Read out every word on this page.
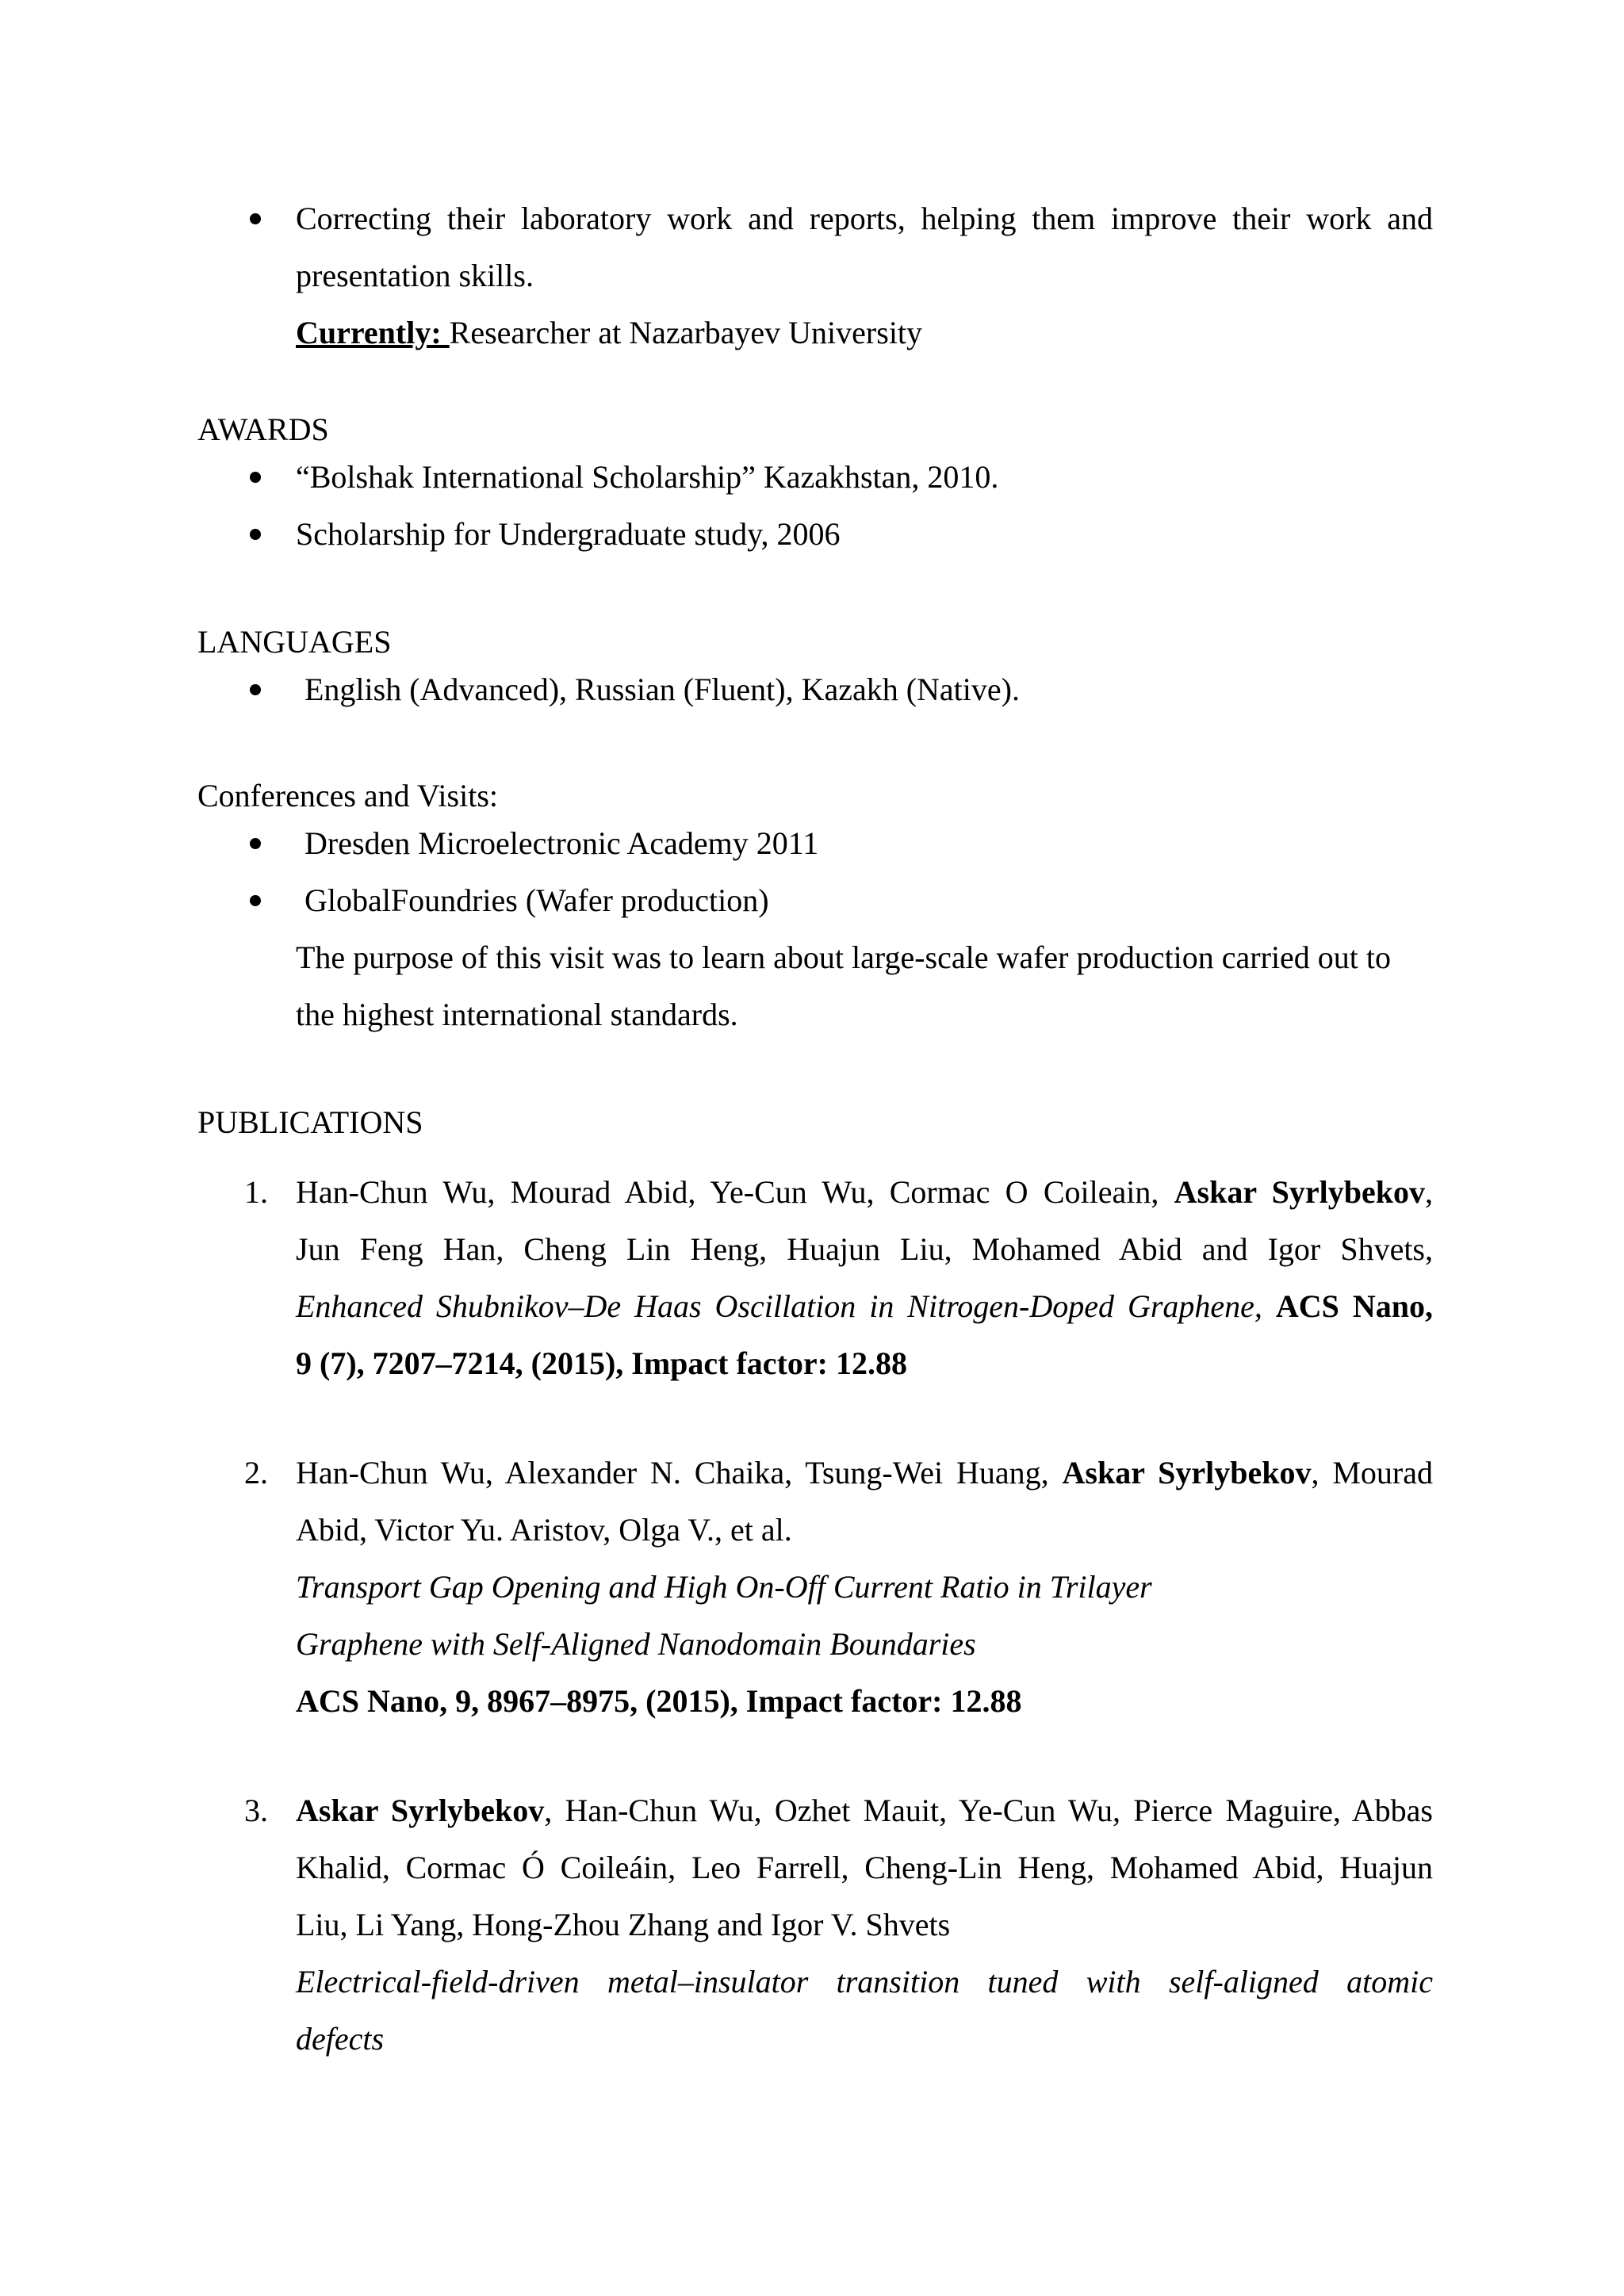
Correcting their laboratory work and reports, helping them improve their work and
presentation skills.
Currently: Researcher at Nazarbayev University
AWARDS
“Bolshak International Scholarship” Kazakhstan, 2010.
Scholarship for Undergraduate study, 2006
LANGUAGES
English (Advanced), Russian (Fluent), Kazakh (Native).
Conferences and Visits:
Dresden Microelectronic Academy 2011
GlobalFoundries (Wafer production)
The purpose of this visit was to learn about large-scale wafer production carried out to
the highest international standards.
PUBLICATIONS
1. Han-Chun Wu, Mourad Abid, Ye-Cun Wu, Cormac O Coileain, Askar Syrlybekov,
Jun Feng Han, Cheng Lin Heng, Huajun Liu, Mohamed Abid and Igor Shvets,
Enhanced Shubnikov–De Haas Oscillation in Nitrogen-Doped Graphene, ACS Nano,
9 (7), 7207–7214, (2015), Impact factor: 12.88
2. Han-Chun Wu, Alexander N. Chaika, Tsung-Wei Huang, Askar Syrlybekov, Mourad
Abid, Victor Yu. Aristov, Olga V., et al.
Transport Gap Opening and High On-Off Current Ratio in Trilayer
Graphene with Self-Aligned Nanodomain Boundaries
ACS Nano, 9, 8967–8975, (2015), Impact factor: 12.88
3. Askar Syrlybekov, Han-Chun Wu, Ozhet Mauit, Ye-Cun Wu, Pierce Maguire, Abbas
Khalid, Cormac Ó Coileáin, Leo Farrell, Cheng-Lin Heng, Mohamed Abid, Huajun
Liu, Li Yang, Hong-Zhou Zhang and Igor V. Shvets
Electrical-field-driven metal–insulator transition tuned with self-aligned atomic
defects
